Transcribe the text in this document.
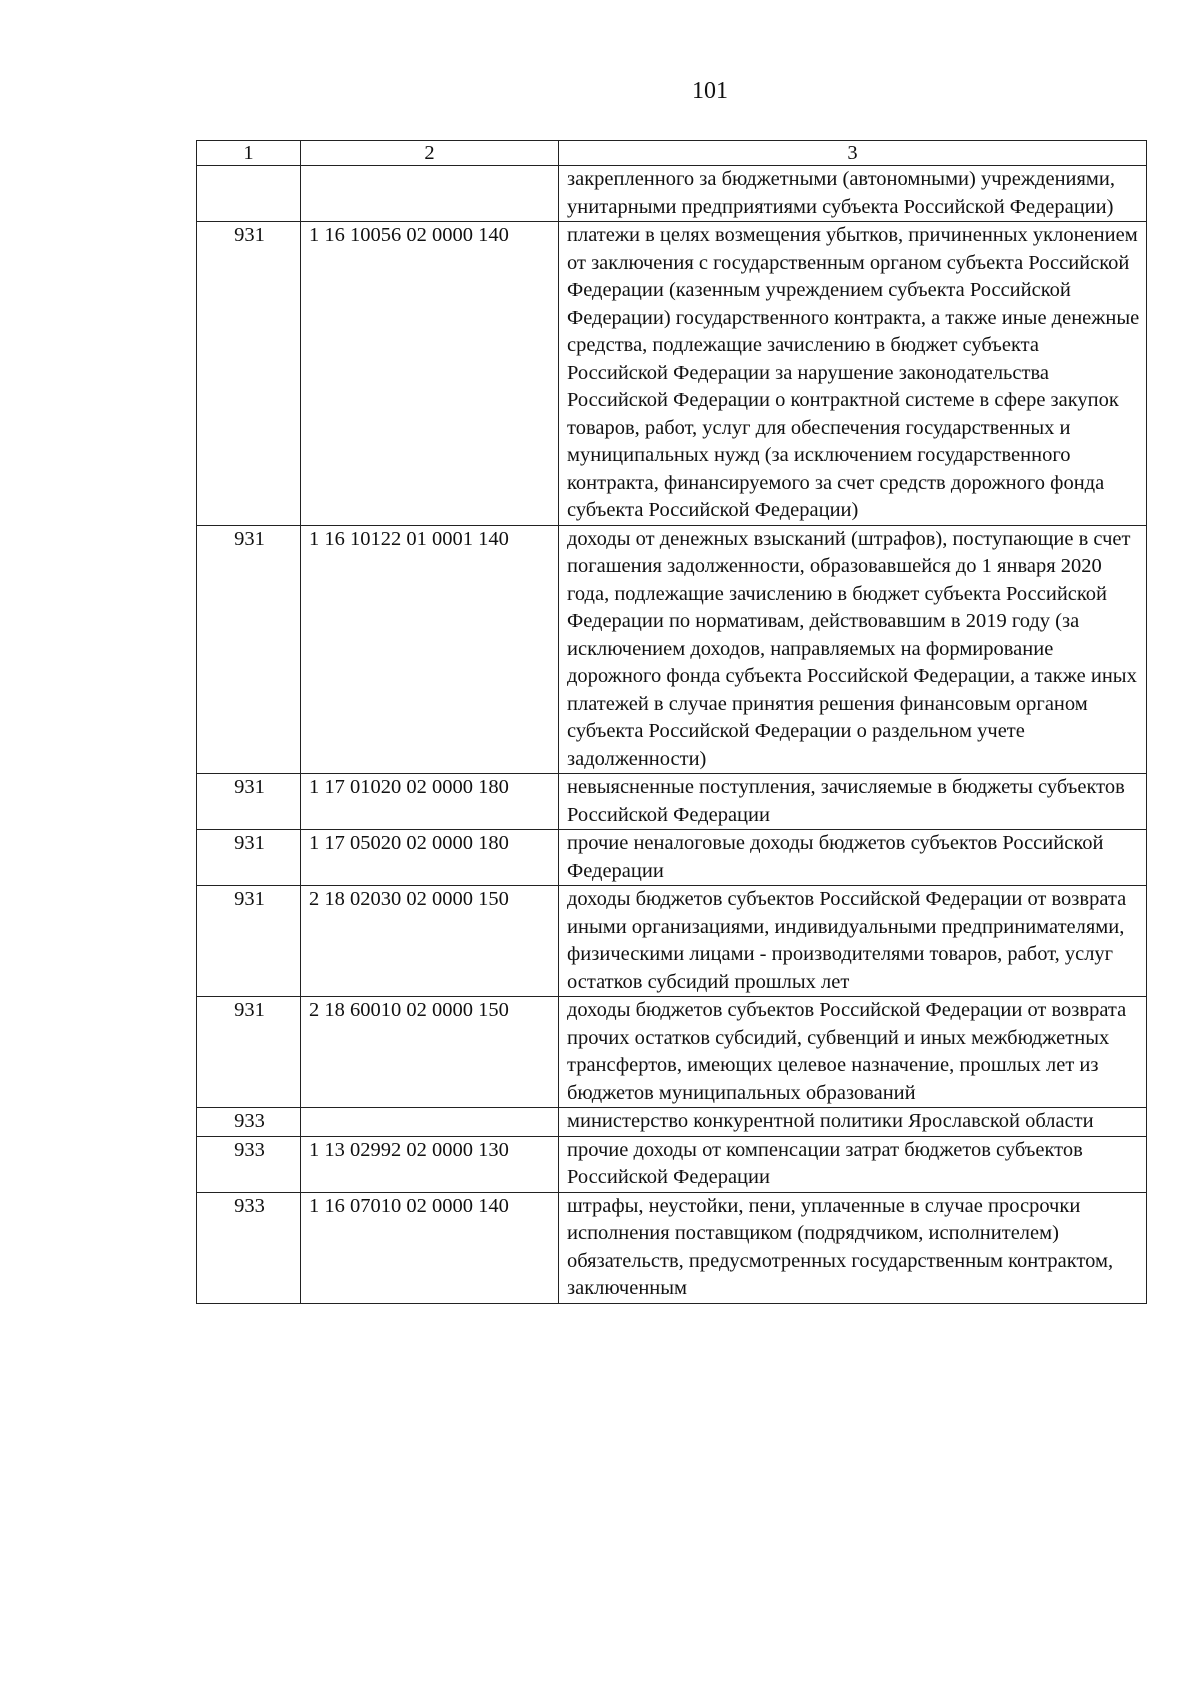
101
1	2	3
		закрепленного за бюджетными (автономными) учреждениями, унитарными предприятиями субъекта Российской Федерации)
931	1 16 10056 02 0000 140	платежи в целях возмещения убытков, причиненных уклонением от заключения с государственным органом субъекта Российской Федерации (казенным учреждением субъекта Российской Федерации) государственного контракта, а также иные денежные средства, подлежащие зачислению в бюджет субъекта Российской Федерации за нарушение законодательства Российской Федерации о контрактной системе в сфере закупок товаров, работ, услуг для обеспечения государственных и муниципальных нужд (за исключением государственного контракта, финансируемого за счет средств дорожного фонда субъекта Российской Федерации)
931	1 16 10122 01 0001 140	доходы от денежных взысканий (штрафов), поступающие в счет погашения задолженности, образовавшейся до 1 января 2020 года, подлежащие зачислению в бюджет субъекта Российской Федерации по нормативам, действовавшим в 2019 году (за исключением доходов, направляемых на формирование дорожного фонда субъекта Российской Федерации, а также иных платежей в случае принятия решения финансовым органом субъекта Российской Федерации о раздельном учете задолженности)
931	1 17 01020 02 0000 180	невыясненные поступления, зачисляемые в бюджеты субъектов Российской Федерации
931	1 17 05020 02 0000 180	прочие неналоговые доходы бюджетов субъектов Российской Федерации
931	2 18 02030 02 0000 150	доходы бюджетов субъектов Российской Федерации от возврата иными организациями, индивидуальными предпринимателями, физическими лицами - производителями товаров, работ, услуг остатков субсидий прошлых лет
931	2 18 60010 02 0000 150	доходы бюджетов субъектов Российской Федерации от возврата прочих остатков субсидий, субвенций и иных межбюджетных трансфертов, имеющих целевое назначение, прошлых лет из бюджетов муниципальных образований
933		министерство конкурентной политики Ярославской области
933	1 13 02992 02 0000 130	прочие доходы от компенсации затрат бюджетов субъектов Российской Федерации
933	1 16 07010 02 0000 140	штрафы, неустойки, пени, уплаченные в случае просрочки исполнения поставщиком (подрядчиком, исполнителем) обязательств, предусмотренных государственным контрактом, заключенным
